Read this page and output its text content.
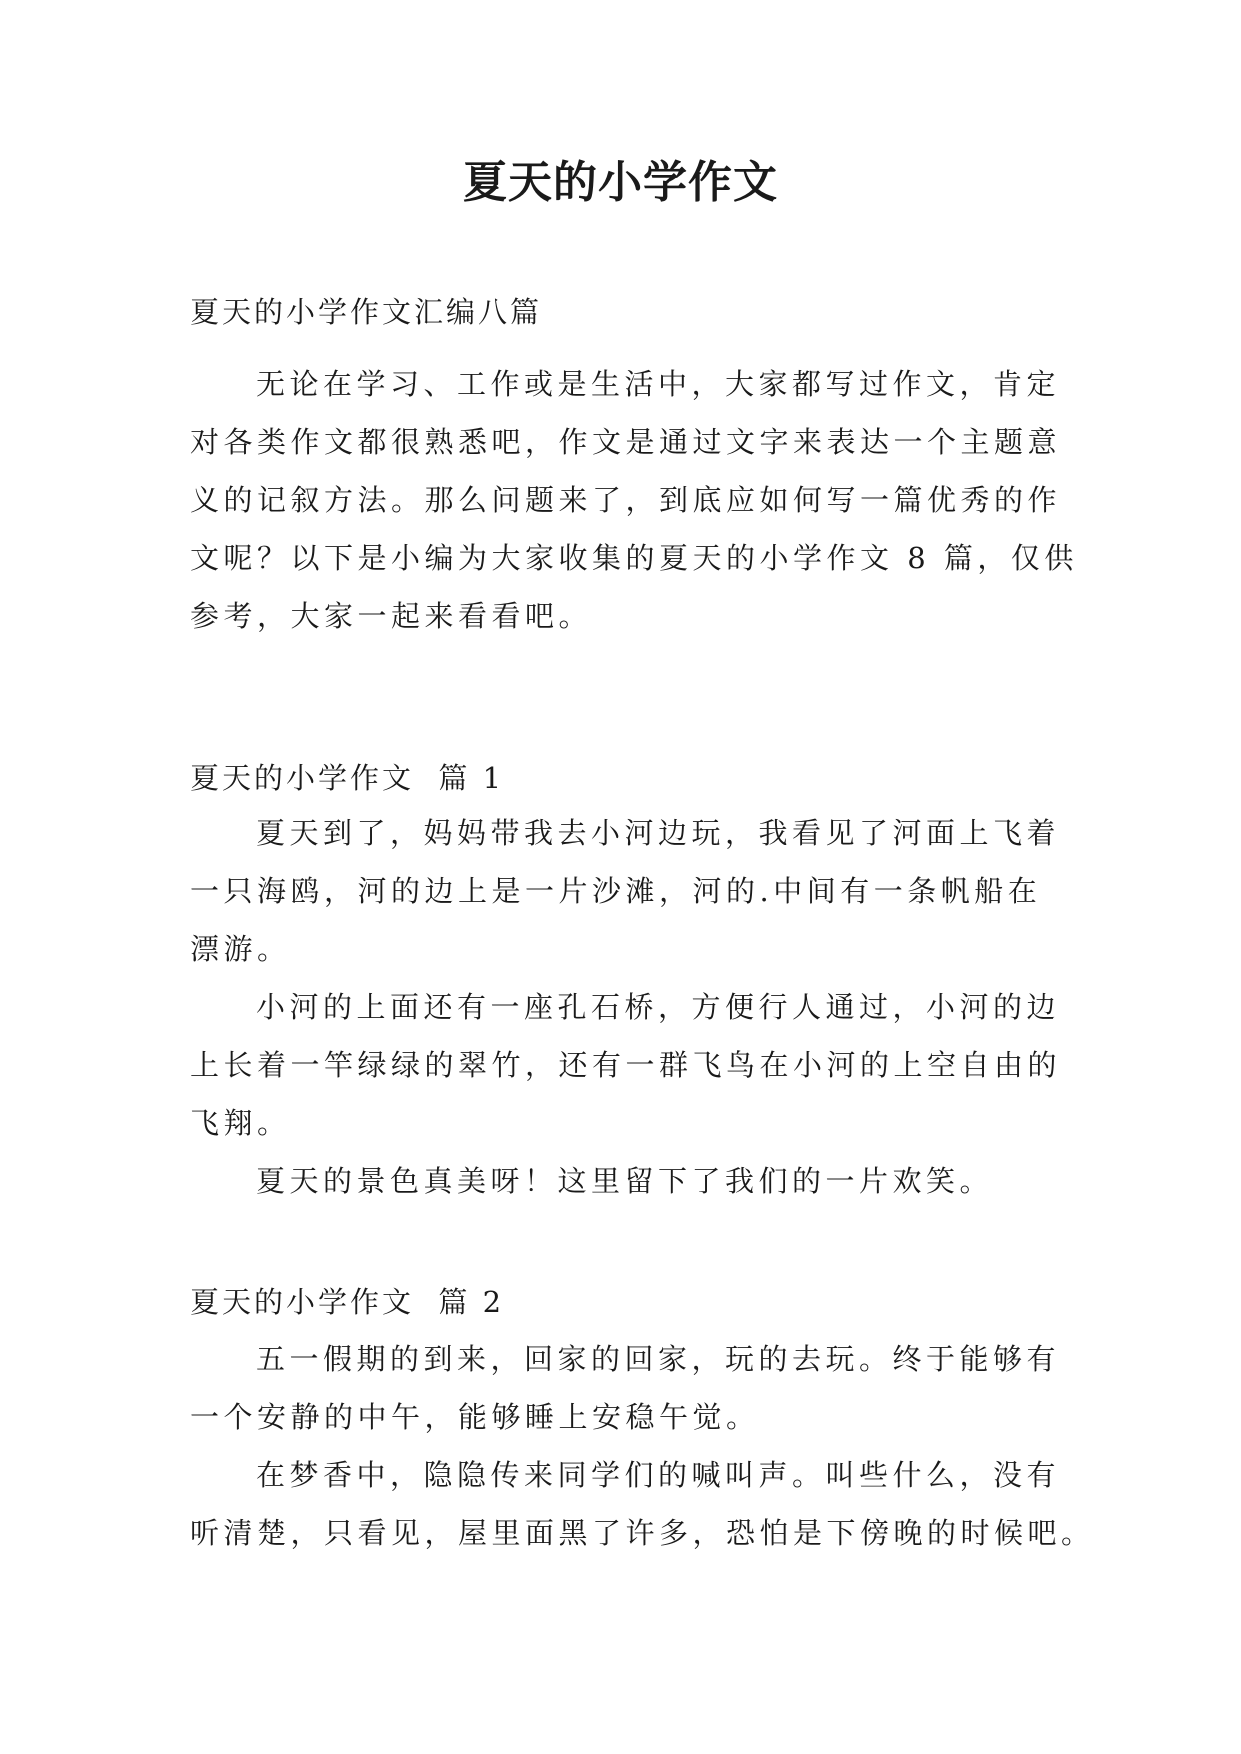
夏天的小学作文

夏天的小学作文汇编八篇

无论在学习、工作或是生活中，大家都写过作文，肯定
对各类作文都很熟悉吧，作文是通过文字来表达一个主题意
义的记叙方法。那么问题来了，到底应如何写一篇优秀的作
文呢？以下是小编为大家收集的夏天的小学作文 8 篇，仅供
参考，大家一起来看看吧。

夏天的小学作文  篇 1

夏天到了，妈妈带我去小河边玩，我看见了河面上飞着
一只海鸥，河的边上是一片沙滩，河的.中间有一条帆船在
漂游。
小河的上面还有一座孔石桥，方便行人通过，小河的边
上长着一竿绿绿的翠竹，还有一群飞鸟在小河的上空自由的
飞翔。
夏天的景色真美呀！这里留下了我们的一片欢笑。

夏天的小学作文  篇 2

五一假期的到来，回家的回家，玩的去玩。终于能够有
一个安静的中午，能够睡上安稳午觉。
在梦香中，隐隐传来同学们的喊叫声。叫些什么，没有
听清楚，只看见，屋里面黑了许多，恐怕是下傍晚的时候吧。
